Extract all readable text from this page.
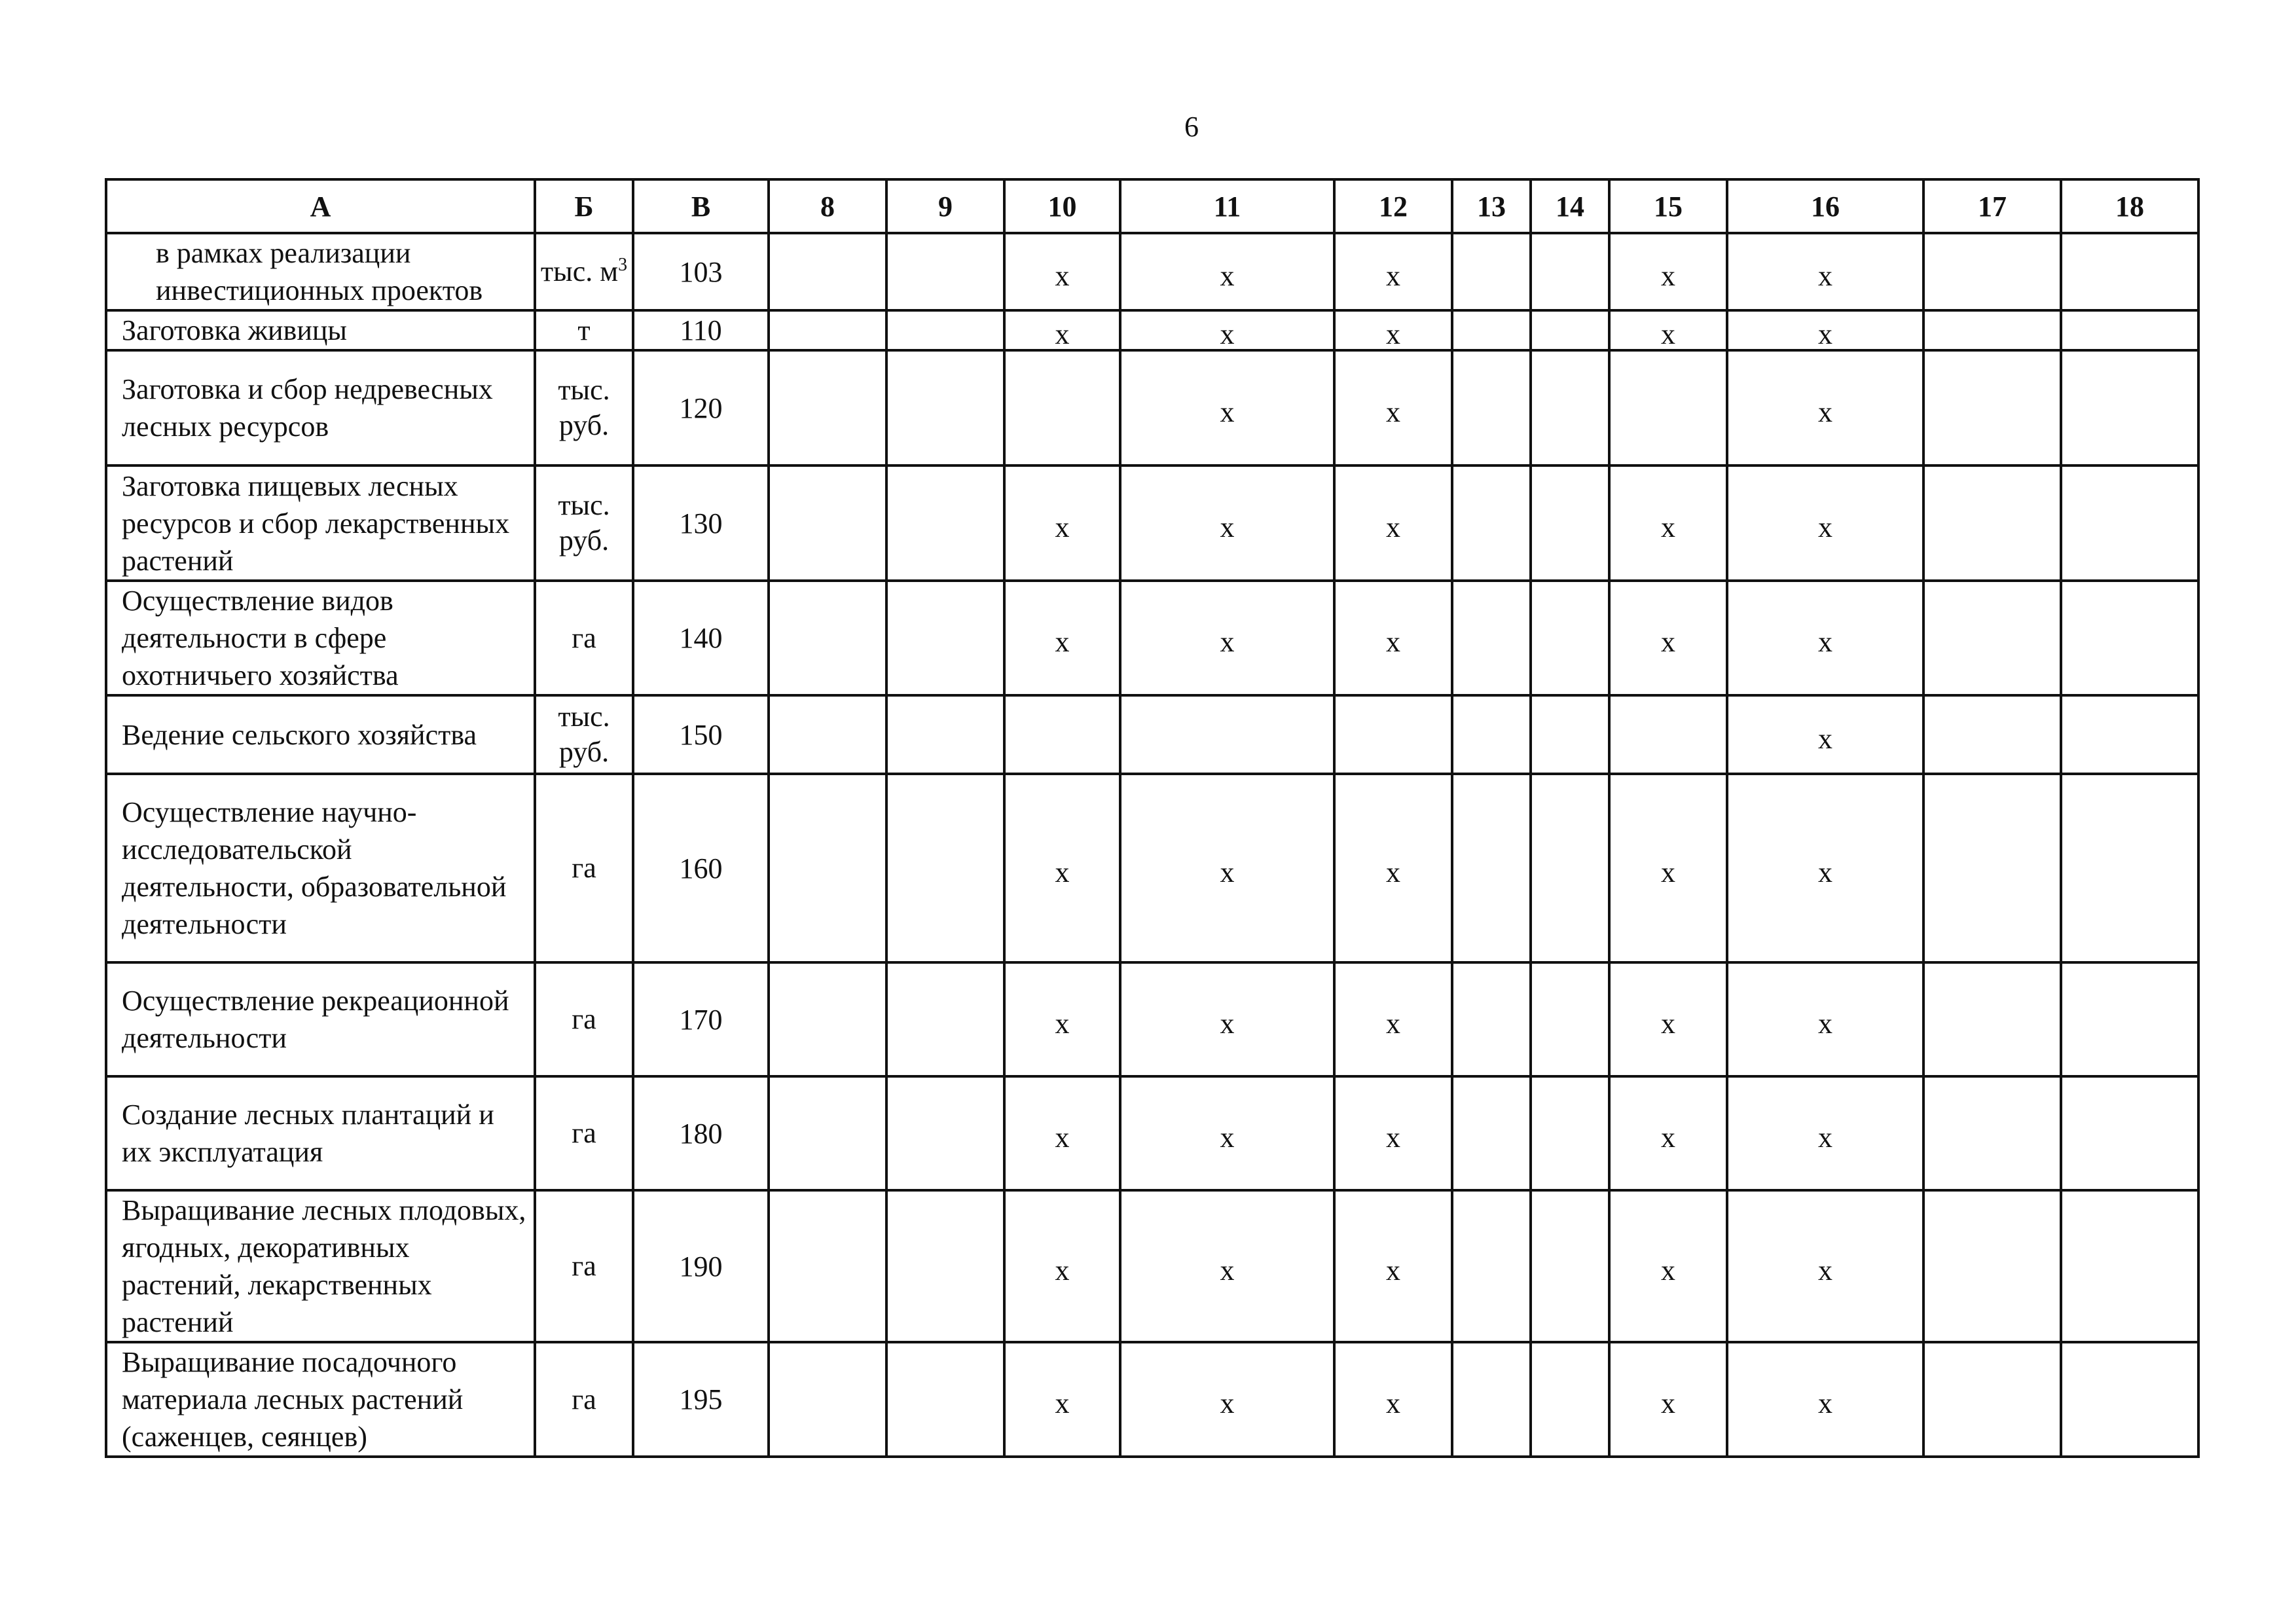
6
А	Б	В	8	9	10	11	12	13	14	15	16	17	18
в рамках реализации инвестиционных проектов	тыс. $м^3$	103			х	х	х			х	х		
Заготовка живицы	т	110			х	х	х			х	х		
Заготовка и сбор недревесных лесных ресурсов	тыс. руб.	120				х	х				х		
Заготовка пищевых лесных ресурсов и сбор лекарственных растений	тыс. руб.	130			х	х	х			х	х		
Осуществление видов деятельности в сфере охотничьего хозяйства	га	140			х	х	х			х	х		
Ведение сельского хозяйства	тыс. руб.	150									х		
Осуществление научно-исследовательской деятельности, образовательной деятельности	га	160			х	х	х			х	х		
Осуществление рекреационной деятельности	га	170			х	х	х			х	х		
Создание лесных плантаций и их эксплуатация	га	180			х	х	х			х	х		
Выращивание лесных плодовых, ягодных, декоративных растений, лекарственных растений	га	190			х	х	х			х	х		
Выращивание посадочного материала лесных растений (саженцев, сеянцев)	га	195			х	х	х			х	х		
